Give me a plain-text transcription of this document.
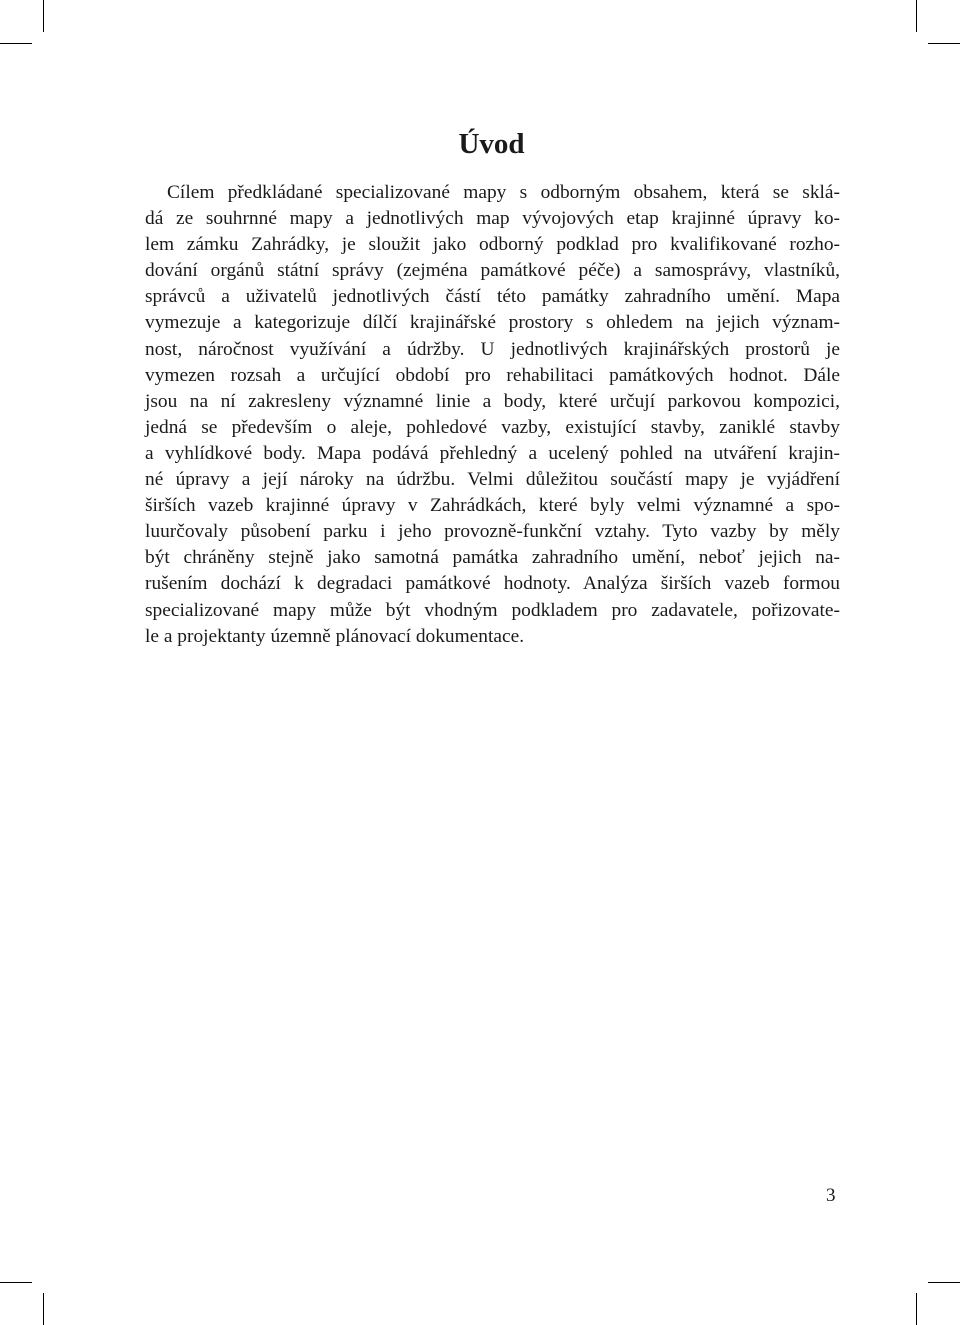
Úvod
Cílem předkládané specializované mapy s odborným obsahem, která se sklá-
dá ze souhrnné mapy a jednotlivých map vývojových etap krajinné úpravy ko-
lem zámku Zahrádky, je sloužit jako odborný podklad pro kvalifikované rozho-
dování orgánů státní správy (zejména památkové péče) a samosprávy, vlastníků,
správců a uživatelů jednotlivých částí této památky zahradního umění. Mapa
vymezuje a kategorizuje dílčí krajinářské prostory s ohledem na jejich význam-
nost, náročnost využívání a údržby. U jednotlivých krajinářských prostorů je
vymezen rozsah a určující období pro rehabilitaci památkových hodnot. Dále
jsou na ní zakresleny významné linie a body, které určují parkovou kompozici,
jedná se především o aleje, pohledové vazby, existující stavby, zaniklé stavby
a vyhlídkové body. Mapa podává přehledný a ucelený pohled na utváření krajin-
né úpravy a její nároky na údržbu. Velmi důležitou součástí mapy je vyjádření
širších vazeb krajinné úpravy v Zahrádkách, které byly velmi významné a spo-
luurčovaly působení parku i jeho provozně-funkční vztahy. Tyto vazby by měly
být chráněny stejně jako samotná památka zahradního umění, neboť jejich na-
rušením dochází k degradaci památkové hodnoty. Analýza širších vazeb formou
specializované mapy může být vhodným podkladem pro zadavatele, pořizovate-
le a projektanty územně plánovací dokumentace.
3
